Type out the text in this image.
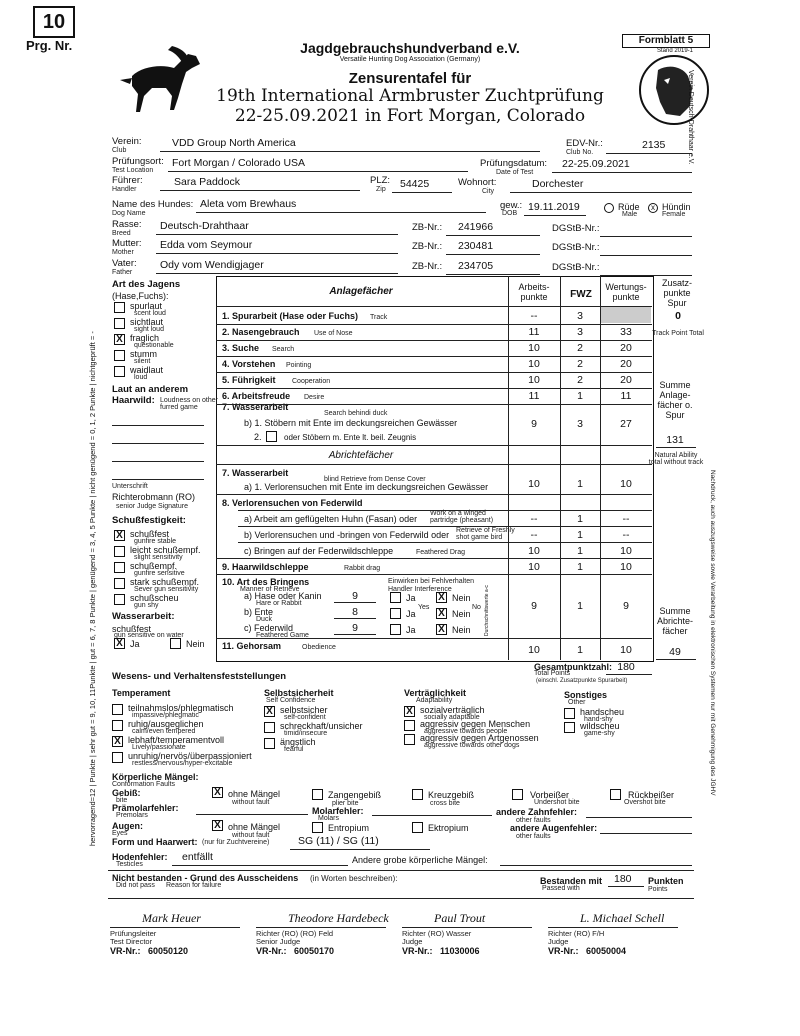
10
Prg. Nr.	Jagdgebrauchshundverband e.V.
Versatile Hunting Dog Association (Germany)
Formblatt 5
Stand 2019-1
Zensurentafel für
19th International Armbruster Zuchtprüfung
22-25.09.2021 in Fort Morgan, Colorado	Verein Deutsch-Drahthaar e.V.
Verein:
Club
VDD Group North America	EDV-Nr.:
Club No.
2135
Prüfungsort:
Test Location
Fort Morgan / Colorado USA	Prüfungsdatum:
Date of Test
22-25.09.2021
Führer:
Handler
Sara Paddock	PLZ:
Zip 54425	Wohnort:
City
Dorchester
Name des Hundes:
Dog Name
Aleta vom Brewhaus	gew.:
DOB
19.11.2019	Rüde
Male
x Hündin
Female
Rasse:
Breed
Deutsch-Drahthaar	ZB-Nr.: 241966	DGStB-Nr.:
Mutter:
Mother
Edda vom Seymour	ZB-Nr.: 230481	DGStB-Nr.:
Vater:
Father
Ody vom Wendigjager	ZB-Nr.: 234705	DGStB-Nr.:
Art des Jagens
(Hase,Fuchs):
Laut an anderem
Haarwild: Loudness on other furred game
Unterschrift
Richterobmann (RO)
senior Judge Signature
Schußfestigkeit:
Wasserarbeit:
schußfest
gun sensitive on water
X Ja	Nein
Anlagefächer	Arbeits-punkte	FWZ
Wertungs-punkte
Zusatz-punkte Spur
0
Track Point Total
7. Wasserarbeit
Search behindi duck
b) 1. Stöbern mit Ente im deckungsreichen Gewässer
2.	oder Stöbern m. Ente lt. beil. Zeugnis
9	3	27
Summe Anlage-fächer o. Spur
131
Natural Ability total without track
Abrichtefächer
7. Wasserarbeit
blind Retrieve from Dense Cover
a) 1. Verlorensuchen mit Ente im deckungsreichen Gewässer	10	1	10
8. Verlorensuchen von Federwild
a) Arbeit am geflügelten Huhn (Fasan) oder
Work on a winged partridge (pheasant)	--	1	--
b) Verlorensuchen und -bringen von Federwild oder Retrieve of Freshly shot game bird	--	1	--
c) Bringen auf der Federwildschleppe	Feathered Drag	10	1	10
9. Haarwildschleppe	Rabbit drag	10	1	10
10. Art des Bringens
Manner of Retrieve
Einwirken bei Fehlverhalten
Handler Interference
Yes	No Durchschnittswerte a-c	9	1	9
11. Gehorsam	Obedience	10	1	10
Summe Abrichte-fächer
49
Gesamtpunktzahl:
Total Points
180
(einschl. Zusatzpunkte Spurarbeit)
Wesens- und Verhaltensfeststellungen
Temperament	Selbstsicherheit
Self Confidence
Verträglichkeit
Adaptability
Sonstiges
Other
Körperliche Mängel:
Conformation Faults
Gebiß:
bite
X ohne Mängel
without fault
Zangengebiß
plier bite
Kreuzgebiß
cross bite
Vorbeißer
Undershot bite
Rückbeißer
Overshot bite
Prämolarfehler:
Premolars	Molarfehler:
Molars
andere Zahnfehler:
other faults
Augen:
Eyes
X ohne Mängel
without fault
Entropium	Ektropium	andere Augenfehler:
other faults
Form und Haarwert: (nur für Zuchtvereine)	SG (11) / SG (11)
Hodenfehler:
Testicles
entfällt	Andere grobe körperliche Mängel:
Nicht bestanden - Grund des Ausscheidens (in Worten beschreiben):
Did not pass Reason for failure	Bestanden mit 180 Punkten
Passed with	Points
hervorragend=12 | Punkte | sehr gut = 9, 10, 11Punkte | gut = 6, 7, 8 Punkte | genügend = 3, 4, 5 Punkte | nicht genügend = 0, 1, 2 Punkte | nichtgeprüft = -	Nachdruck, auch auszugsweise sowie Verarbeitung in elektronischen Systemen nur mit Genehmigung des JGHV
spurlaut
scent loud
sichtlaut
sight loud
X fraglich
questionable
stumm
silent
waidlaut
loud
X schußfest
gunfire stable
leicht schußempf.
slight sensitivity
schußempf.
gunfire sensitive
stark schußempf.
Sever gun sensitivity
schußscheu
gun shy
1. Spurarbeit (Hase oder Fuchs) Track	--	3
2. Nasengebrauch Use of Nose	11	3	33
3. Suche Search	10	2	20
4. Vorstehen Pointing	10	2	20
5. Führigkeit Cooperation	10	2	20
6. Arbeitsfreude Desire	11	1	11
a) Hase oder Kanin
Hare or Rabbit
9	Ja X Nein
b) Ente
Duck
8	Ja X Nein
c) Federwild
Feathered Game
9	Ja X Nein
teilnahmslos/phlegmatisch
impassive/phlegmatic
ruhig/ausgeglichen
calm/even tempered
X lebhaft/temperamentvoll
Lively/passionate
unruhig/nervös/überpassioniert
restless/nervous/hyper-excitable
X selbstsicher
self-confident
schreckhaft/unsicher
timid/insecure
ängstlich
fearful
X sozialverträglich
socially adaptable
aggressiv gegen Menschen
aggressive towards people
aggressiv gegen Artgenossen
aggressive towards other dogs
handscheu
hand-shy
wildscheu
game-shy
Mark Heuer
Prüfungsleiter
Test Director
VR-Nr.: 60050120
Theodore Hardebeck
Richter (RO) (RO) Feld
Senior Judge
VR-Nr.: 60050170
Paul Trout
Richter (RO) Wasser
Judge
VR-Nr.: 11030006
L. Michael Schell
Richter (RO) F/H
Judge
VR-Nr.: 60050004
